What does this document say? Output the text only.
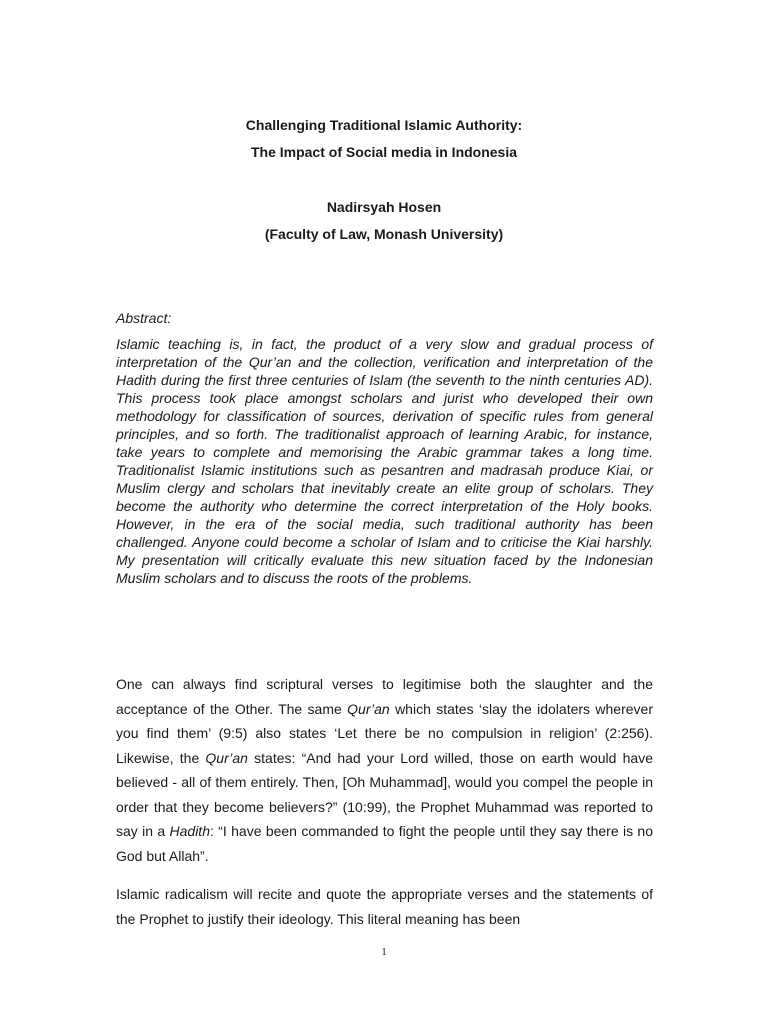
Challenging Traditional Islamic Authority:
The Impact of Social media in Indonesia
Nadirsyah Hosen
(Faculty of Law, Monash University)
Abstract:

Islamic teaching is, in fact, the product of a very slow and gradual process of interpretation of the Qur’an and the collection, verification and interpretation of the Hadith during the first three centuries of Islam (the seventh to the ninth centuries AD). This process took place amongst scholars and jurist who developed their own methodology for classification of sources, derivation of specific rules from general principles, and so forth. The traditionalist approach of learning Arabic, for instance, take years to complete and memorising the Arabic grammar takes a long time. Traditionalist Islamic institutions such as pesantren and madrasah produce Kiai, or Muslim clergy and scholars that inevitably create an elite group of scholars. They become the authority who determine the correct interpretation of the Holy books. However, in the era of the social media, such traditional authority has been challenged. Anyone could become a scholar of Islam and to criticise the Kiai harshly. My presentation will critically evaluate this new situation faced by the Indonesian Muslim scholars and to discuss the roots of the problems.

One can always find scriptural verses to legitimise both the slaughter and the acceptance of the Other. The same Qur’an which states ‘slay the idolaters wherever you find them’ (9:5) also states ‘Let there be no compulsion in religion’ (2:256). Likewise, the Qur’an states: “And had your Lord willed, those on earth would have believed - all of them entirely. Then, [Oh Muhammad], would you compel the people in order that they become believers?” (10:99), the Prophet Muhammad was reported to say in a Hadith: “I have been commanded to fight the people until they say there is no God but Allah”.

Islamic radicalism will recite and quote the appropriate verses and the statements of the Prophet to justify their ideology. This literal meaning has been

1
